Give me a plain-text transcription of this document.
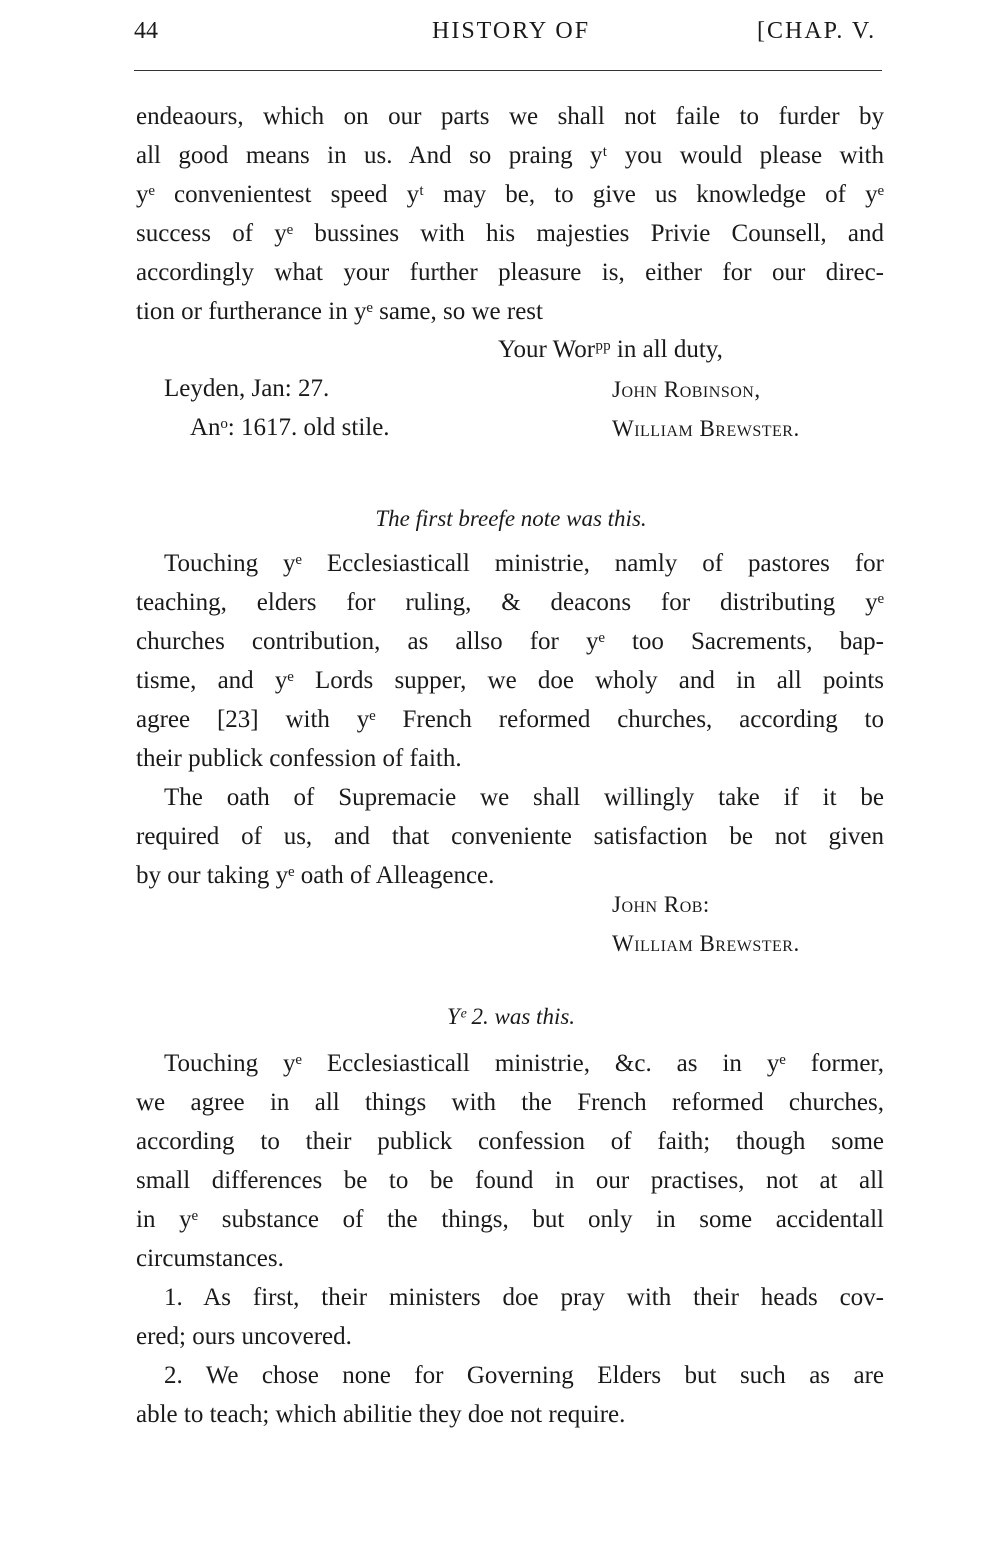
44	HISTORY OF	[CHAP. V.
endeaours, which on our parts we shall not faile to furder by
all good means in us. And so praing yᵗ you would please with
yᵉ convenientest speed yᵗ may be, to give us knowledge of yᵉ
success of yᵉ bussines with his majesties Privie Counsell, and
accordingly what your further pleasure is, either for our direc-
tion or furtherance in yᵉ same, so we rest
Your Worᵖᵖ in all duty,
Leyden, Jan: 27.
Anᵒ: 1617. old stile.
John Robinson,
William Brewster.
The first breefe note was this.
Touching yᵉ Ecclesiasticall ministrie, namly of pastores for
teaching, elders for ruling, & deacons for distributing yᵉ
churches contribution, as allso for yᵉ too Sacrements, bap-
tisme, and yᵉ Lords supper, we doe wholy and in all points
agree [23] with yᵉ French reformed churches, according to
their publick confession of faith.
The oath of Supremacie we shall willingly take if it be
required of us, and that conveniente satisfaction be not given
by our taking yᵉ oath of Alleagence.
John Rob:
William Brewster.
Yᵉ 2. was this.
Touching yᵉ Ecclesiasticall ministrie, &c. as in yᵉ former,
we agree in all things with the French reformed churches,
according to their publick confession of faith; though some
small differences be to be found in our practises, not at all
in yᵉ substance of the things, but only in some accidentall
circumstances.
1. As first, their ministers doe pray with their heads cov-
ered; ours uncovered.
2. We chose none for Governing Elders but such as are
able to teach; which abilitie they doe not require.
